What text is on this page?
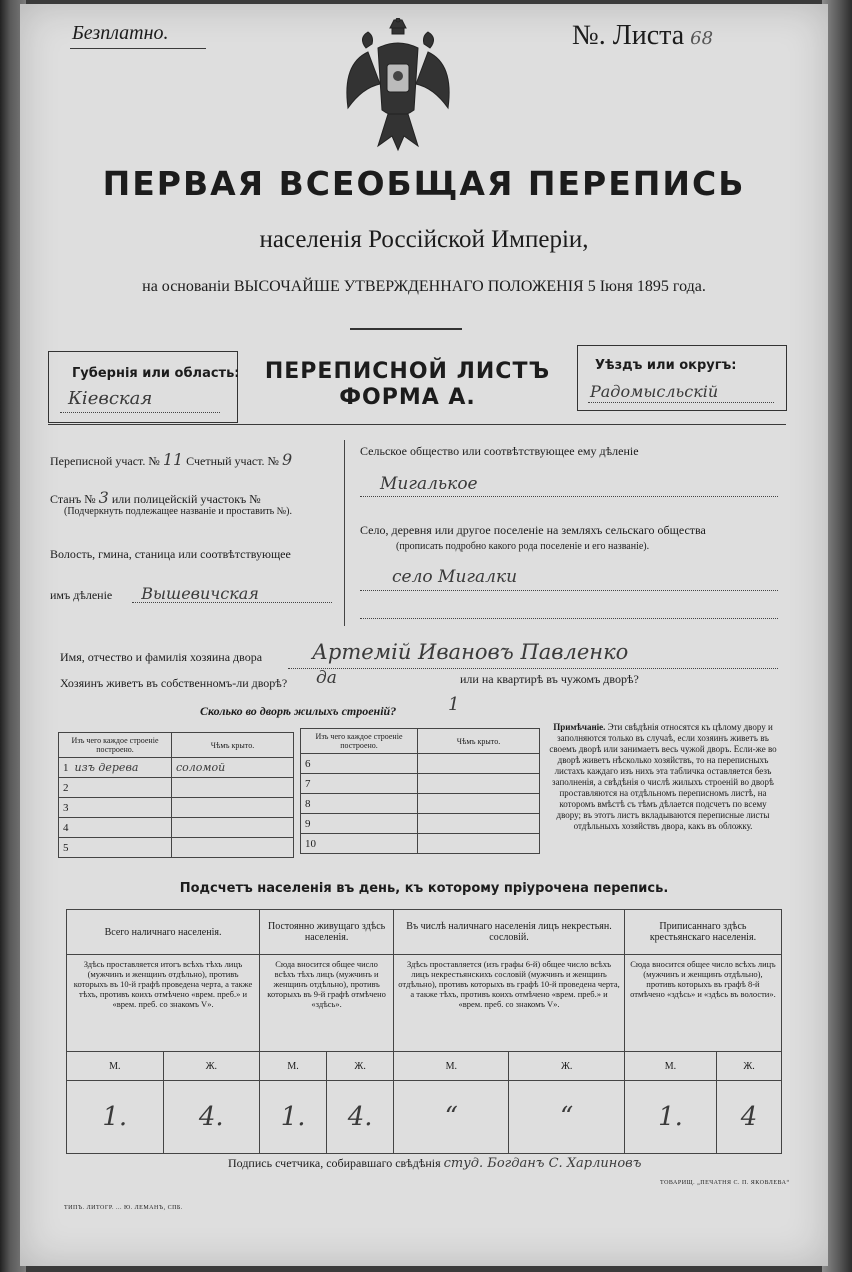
Безплатно.	№. Листа 68
ПЕРВАЯ ВСЕОБЩАЯ ПЕРЕПИСЬ
населенія Россійской Имперіи,
на основаніи ВЫСОЧАЙШЕ УТВЕРЖДЕННАГО ПОЛОЖЕНІЯ 5 Іюня 1895 года.
Губернія или область:
Кіевская
ПЕРЕПИСНОЙ ЛИСТЪ
ФОРМА А.
Уѣздъ или округъ:
Радомысльскій
Переписной участ. № 11 Счетный участ. № 9
Станъ № 3 или полицейскій участокъ №
(Подчеркнуть подлежащее названіе и проставить №).
Волость, гмина, станица или соотвѣтствующее
имъ дѣленіе Вышевичская
Сельское общество или соотвѣтствующее ему дѣленіе
Мигалькое
Село, деревня или другое поселеніе на земляхъ сельскаго общества
(прописать подробно какого рода поселеніе и его названіе).
село Мигалки
Имя, отчество и фамилія хозяина двора Артемій Ивановъ Павленко
Хозяинъ живетъ въ собственномъ-ли дворѣ? да	или на квартирѣ въ чужомъ дворѣ?
Сколько во дворѣ жилыхъ строеній?	1
Изъ чего каждое строеніе построено.	Чѣмъ крыто.
1 изъ дерева	соломой
2	
3	
4	
5	
Изъ чего каждое строеніе построено.	Чѣмъ крыто.
6	
7	
8	
9	
10	
Примѣчаніе. Эти свѣдѣнія относятся къ цѣлому двору и заполняются только въ случаѣ, если хозяинъ живетъ въ своемъ дворѣ или занимаетъ весь чужой дворъ. Если-же во дворѣ живетъ нѣсколько хозяйствъ, то на переписныхъ листахъ каждаго изъ нихъ эта табличка оставляется безъ заполненія, а свѣдѣнія о числѣ жилыхъ строеній во дворѣ проставляются на отдѣльномъ переписномъ листѣ, на которомъ вмѣстѣ съ тѣмъ дѣлается подсчетъ по всему двору; въ этотъ листъ вкладываются переписные листы отдѣльныхъ хозяйствъ двора, какъ въ обложку.
Подсчетъ населенія въ день, къ которому пріурочена перепись.
Всего наличнаго населенія.		Постоянно живущаго здѣсь населенія.		Въ числѣ наличнаго населенія лицъ некрестьян. сословій.		Приписаннаго здѣсь крестьянскаго населенія.	
Здѣсь проставляется итогъ всѣхъ тѣхъ лицъ (мужчинъ и женщинъ отдѣльно), противъ которыхъ въ 10-й графѣ проведена черта, а также тѣхъ, противъ коихъ отмѣчено «врем. преб.» и «врем. преб. со знакомъ V».		Сюда вносится общее число всѣхъ тѣхъ лицъ (мужчинъ и женщинъ отдѣльно), противъ которыхъ въ 9-й графѣ отмѣчено «здѣсь».		Здѣсь проставляется (изъ графы 6-й) общее число всѣхъ лицъ некрестьянскихъ сословій (мужчинъ и женщинъ отдѣльно), противъ которыхъ въ графѣ 10-й проведена черта, а также тѣхъ, противъ коихъ отмѣчено «врем. преб.» и «врем. преб. со знакомъ V».		Сюда вносится общее число всѣхъ лицъ (мужчинъ и женщинъ отдѣльно), противъ которыхъ въ графѣ 8-й отмѣчено «здѣсь» и «здѣсь въ волости».	
М.	Ж.	М.	Ж.	М.	Ж.	М.	Ж.
1.	4.	1.	4.	“	“	1.	4
Подпись счетчика, собиравшаго свѣдѣнія студ. Богданъ С. Харлиновъ
ТИПЪ. ЛИТОГР. ... Ю. ЛЕМАНЪ, СПБ.
ТОВАРИЩ. „ПЕЧАТНЯ С. П. ЯКОВЛЕВА“
